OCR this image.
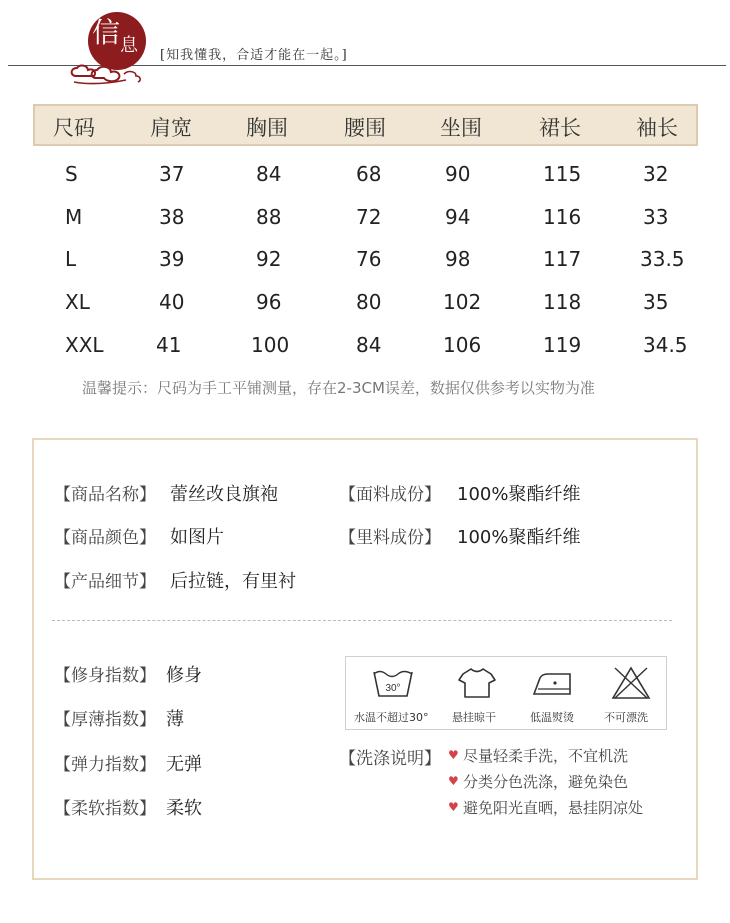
信 息 [知我懂我，合适才能在一起。]
尺码	肩宽	胸围	腰围	坐围	裙长	袖长
S	37	84	68	90	115	32
M	38	88	72	94	116	33
L	39	92	76	98	117	33.5
XL	40	96	80	102	118	35
XXL	41	100	84	106	119	34.5
温馨提示：尺码为手工平铺测量，存在2-3CM误差，数据仅供参考以实物为准
【商品名称】 蕾丝改良旗袍
【商品颜色】 如图片
【产品细节】 后拉链，有里衬
【面料成份】 100%聚酯纤维
【里料成份】 100%聚酯纤维
【修身指数】 修身
【厚薄指数】 薄
【弹力指数】 无弹
【柔软指数】 柔软
30°
水温不超过30° 悬挂晾干	低温熨烫	不可漂洗
【洗涤说明】 ♥ 尽量轻柔手洗，不宜机洗
♥ 分类分色洗涤，避免染色
♥ 避免阳光直晒，悬挂阴凉处
